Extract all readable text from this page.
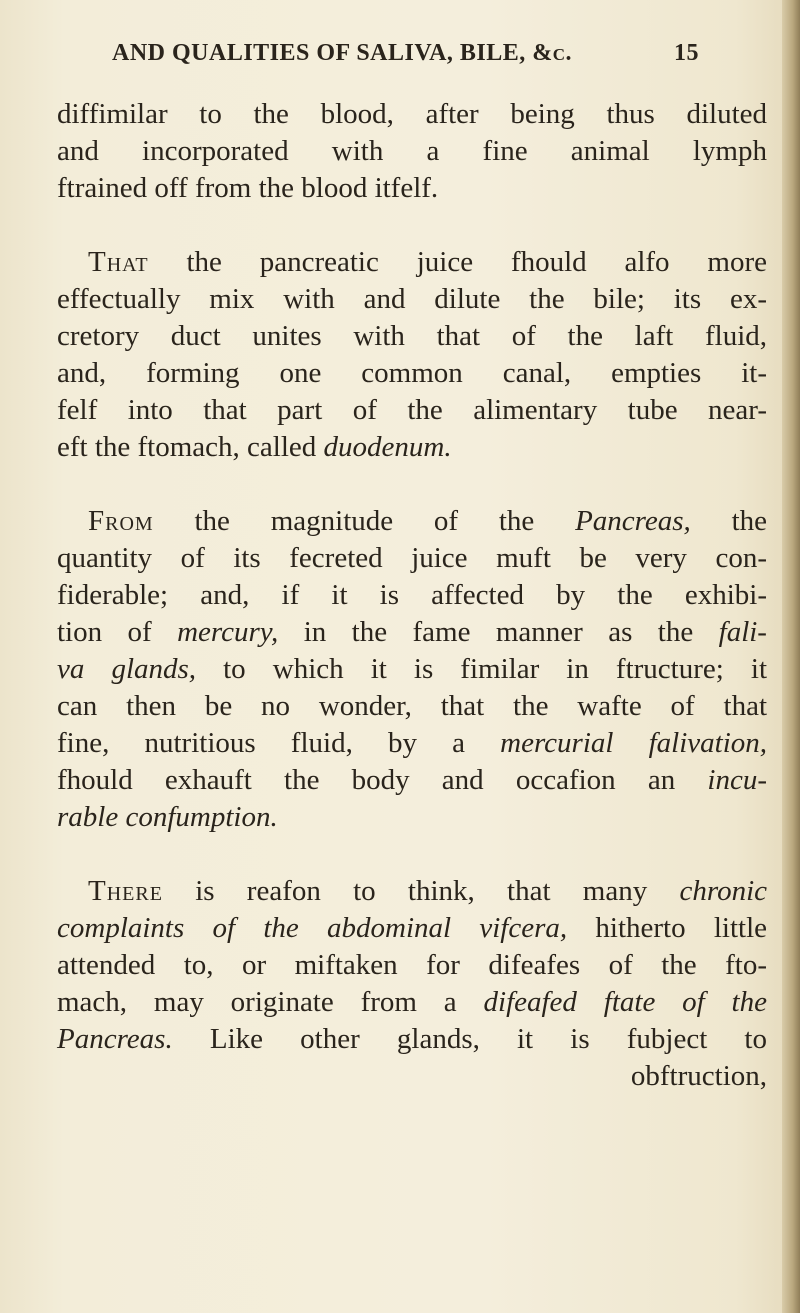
AND QUALITIES OF SALIVA, BILE, &c.	15
diffimilar to the blood, after being thus diluted
and incorporated with a fine animal lymph
ftrained off from the blood itfelf.
That the pancreatic juice fhould alfo more
effectually mix with and dilute the bile; its ex-
cretory duct unites with that of the laft fluid,
and, forming one common canal, empties it-
felf into that part of the alimentary tube near-
eft the ftomach, called duodenum.
From the magnitude of the Pancreas, the
quantity of its fecreted juice muft be very con-
fiderable; and, if it is affected by the exhibi-
tion of mercury, in the fame manner as the fali-
va glands, to which it is fimilar in ftructure; it
can then be no wonder, that the wafte of that
fine, nutritious fluid, by a mercurial falivation,
fhould exhauft the body and occafion an incu-
rable confumption.
There is reafon to think, that many chronic
complaints of the abdominal vifcera, hitherto little
attended to, or miftaken for difeafes of the fto-
mach, may originate from a difeafed ftate of the
Pancreas. Like other glands, it is fubject to
obftruction,
